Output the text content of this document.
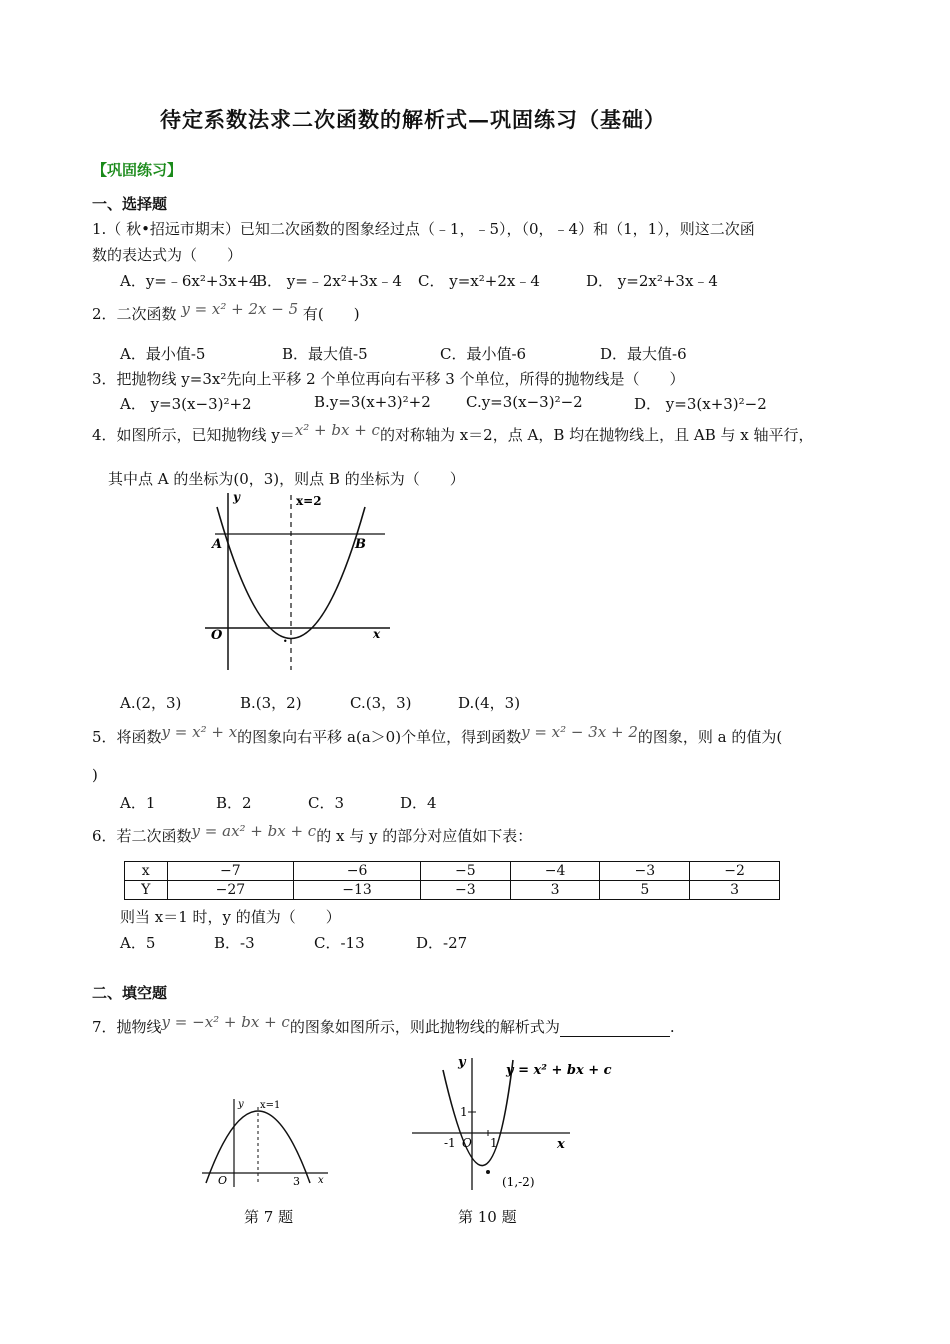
待定系数法求二次函数的解析式—巩固练习（基础）
【巩固练习】
一、选择题
1.（ 秋•招远市期末）已知二次函数的图象经过点（﹣1，﹣5），（0，﹣4）和（1，1），则这二次函
数的表达式为（　　）
A．y=﹣6x²+3x+4
B． y=﹣2x²+3x﹣4 C． y=x²+2x﹣4	D． y=2x²+3x﹣4
2．二次函数 y = x² + 2x − 5 有(　　)
A．最小值-5	B．最大值-5	C．最小值-6	D．最大值-6
3．把抛物线 y=3x²先向上平移 2 个单位再向右平移 3 个单位，所得的抛物线是（　　）
A． y=3(x−3)²+2	B.y=3(x+3)²+2 C.y=3(x−3)²−2	D． y=3(x+3)²−2
4．如图所示，已知抛物线 y＝x² + bx + c的对称轴为 x＝2，点 A，B 均在抛物线上，且 AB 与 x 轴平行，
其中点 A 的坐标为(0，3)，则点 B 的坐标为（　　）
y	x=2
A	B
O	x
.
A.(2，3)	B.(3，2)	C.(3，3)	D.(4，3)
5．将函数y = x² + x的图象向右平移 a(a＞0)个单位，得到函数y = x² − 3x + 2的图象，则 a 的值为(
)
A．1	B．2	C．3	D．4
6．若二次函数y = ax² + bx + c的 x 与 y 的部分对应值如下表：
x	−7	−6	−5	−4	−3	−2
Y	−27	−13	−3	3	5	3
则当 x＝1 时，y 的值为（　　）
A．5	B．-3	C．-13	D．-27
二、填空题
7．抛物线y = −x² + bx + c的图象如图所示，则此抛物线的解析式为	.
y x=1
O	3 x
第 7 题
y
y = x² + bx + c
1
-1 O 1	x
(1,-2)
第 10 题
